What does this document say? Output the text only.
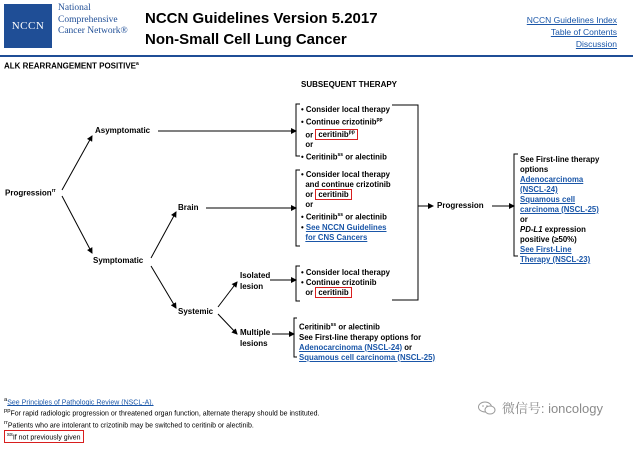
NCCN
National Comprehensive Cancer Network®
NCCN Guidelines Version 5.2017
Non-Small Cell Lung Cancer
NCCN Guidelines Index
Table of Contents
Discussion
ALK REARRANGEMENT POSITIVE$^a$
SUBSEQUENT THERAPY
Progression$^{rr}$
Asymptomatic
Symptomatic
Brain
Systemic
Isolated
lesion
Multiple
lesions
Progression
• Consider local therapy
• Continue crizotinib$^{pp}$
or ceritinib$^{pp}$
or
• Ceritinib$^{ss}$ or alectinib
• Consider local therapy
and continue crizotinib
or ceritinib
or
• Ceritinib$^{ss}$ or alectinib
• See NCCN Guidelines
for CNS Cancers
• Consider local therapy
• Continue crizotinib
or ceritinib
Ceritinib$^{ss}$ or alectinib
See First-line therapy options for
Adenocarcinoma (NSCL-24) or
Squamous cell carcinoma (NSCL-25)
See First-line therapy
options
Adenocarcinoma
(NSCL-24)
Squamous cell
carcinoma (NSCL-25)
or
PD-L1 expression
positive (≥50%)
See First-Line
Therapy (NSCL-23)
$^a$See Principles of Pathologic Review (NSCL-A).
$^{pp}$For rapid radiologic progression or threatened organ function, alternate therapy should be instituted.
$^{rr}$Patients who are intolerant to crizotinib may be switched to ceritinib or alectinib.
$^{ss}$If not previously given
微信号: ioncology
